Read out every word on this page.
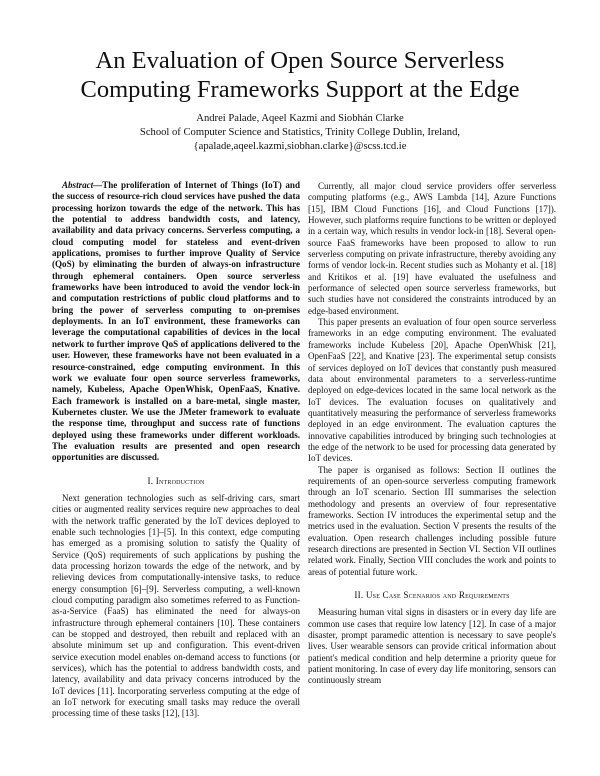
An Evaluation of Open Source Serverless Computing Frameworks Support at the Edge
Andrei Palade, Aqeel Kazmi and Siobhán Clarke
School of Computer Science and Statistics, Trinity College Dublin, Ireland,
{apalade,aqeel.kazmi,siobhan.clarke}@scss.tcd.ie

Abstract—The proliferation of Internet of Things (IoT) and the success of resource-rich cloud services have pushed the data processing horizon towards the edge of the network. This has the potential to address bandwidth costs, and latency, availability and data privacy concerns. Serverless computing, a cloud computing model for stateless and event-driven applications, promises to further improve Quality of Service (QoS) by eliminating the burden of always-on infrastructure through ephemeral containers. Open source serverless frameworks have been introduced to avoid the vendor lock-in and computation restrictions of public cloud platforms and to bring the power of serverless computing to on-premises deployments. In an IoT environment, these frameworks can leverage the computational capabilities of devices in the local network to further improve QoS of applications delivered to the user. However, these frameworks have not been evaluated in a resource-constrained, edge computing environment. In this work we evaluate four open source serverless frameworks, namely, Kubeless, Apache OpenWhisk, OpenFaaS, Knative. Each framework is installed on a bare-metal, single master, Kubernetes cluster. We use the JMeter framework to evaluate the response time, throughput and success rate of functions deployed using these frameworks under different workloads. The evaluation results are presented and open research opportunities are discussed.

I. Introduction

Next generation technologies such as self-driving cars, smart cities or augmented reality services require new approaches to deal with the network traffic generated by the IoT devices deployed to enable such technologies [1]–[5]. In this context, edge computing has emerged as a promising solution to satisfy the Quality of Service (QoS) requirements of such applications by pushing the data processing horizon towards the edge of the network, and by relieving devices from computationally-intensive tasks, to reduce energy consumption [6]–[9]. Serverless computing, a well-known cloud computing paradigm also sometimes referred to as Function-as-a-Service (FaaS) has eliminated the need for always-on infrastructure through ephemeral containers [10]. These containers can be stopped and destroyed, then rebuilt and replaced with an absolute minimum set up and configuration. This event-driven service execution model enables on-demand access to functions (or services), which has the potential to address bandwidth costs, and latency, availability and data privacy concerns introduced by the IoT devices [11]. Incorporating serverless computing at the edge of an IoT network for executing small tasks may reduce the overall processing time of these tasks [12], [13].

Currently, all major cloud service providers offer serverless computing platforms (e.g., AWS Lambda [14], Azure Functions [15], IBM Cloud Functions [16], and Cloud Functions [17]). However, such platforms require functions to be written or deployed in a certain way, which results in vendor lock-in [18]. Several open-source FaaS frameworks have been proposed to allow to run serverless computing on private infrastructure, thereby avoiding any forms of vendor lock-in. Recent studies such as Mohanty et al. [18] and Kritikos et al. [19] have evaluated the usefulness and performance of selected open source serverless frameworks, but such studies have not considered the constraints introduced by an edge-based environment.

This paper presents an evaluation of four open source serverless frameworks in an edge computing environment. The evaluated frameworks include Kubeless [20], Apache OpenWhisk [21], OpenFaaS [22], and Knative [23]. The experimental setup consists of services deployed on IoT devices that constantly push measured data about environmental parameters to a serverless-runtime deployed on edge-devices located in the same local network as the IoT devices. The evaluation focuses on qualitatively and quantitatively measuring the performance of serverless frameworks deployed in an edge environment. The evaluation captures the innovative capabilities introduced by bringing such technologies at the edge of the network to be used for processing data generated by IoT devices.

The paper is organised as follows: Section II outlines the requirements of an open-source serverless computing framework through an IoT scenario. Section III summarises the selection methodology and presents an overview of four representative frameworks. Section IV introduces the experimental setup and the metrics used in the evaluation. Section V presents the results of the evaluation. Open research challenges including possible future research directions are presented in Section VI. Section VII outlines related work. Finally, Section VIII concludes the work and points to areas of potential future work.

II. Use Case Scenarios and Requirements

Measuring human vital signs in disasters or in every day life are common use cases that require low latency [12]. In case of a major disaster, prompt paramedic attention is necessary to save people's lives. User wearable sensors can provide critical information about patient's medical condition and help determine a priority queue for patient monitoring. In case of every day life monitoring, sensors can continuously stream
